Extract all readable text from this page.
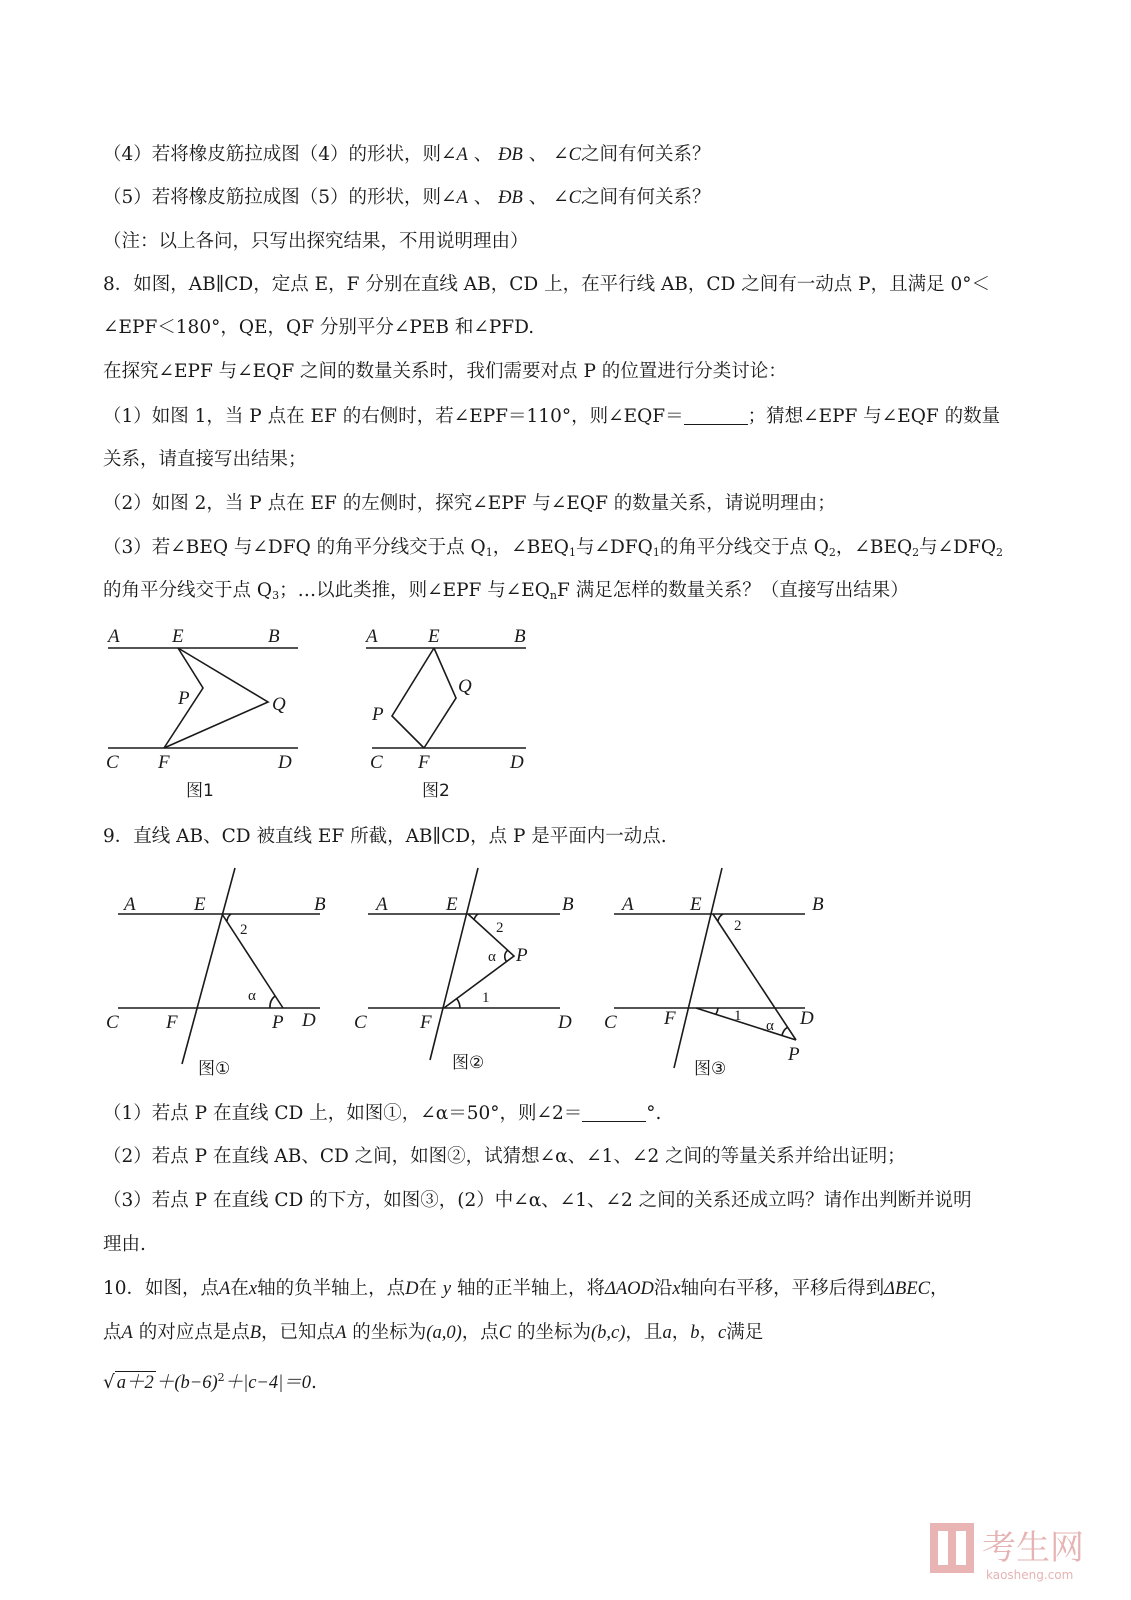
（4）若将橡皮筋拉成图（4）的形状，则∠A 、 ÐB 、 ∠C之间有何关系？
（5）若将橡皮筋拉成图（5）的形状，则∠A 、 ÐB 、 ∠C之间有何关系？
（注：以上各问，只写出探究结果，不用说明理由）
8．如图，AB∥CD，定点 E，F 分别在直线 AB，CD 上，在平行线 AB，CD 之间有一动点 P，且满足 0°＜
∠EPF＜180°，QE，QF 分别平分∠PEB 和∠PFD.
在探究∠EPF 与∠EQF 之间的数量关系时，我们需要对点 P 的位置进行分类讨论：
（1）如图 1，当 P 点在 EF 的右侧时，若∠EPF＝110°，则∠EQF＝	；猜想∠EPF 与∠EQF 的数量
关系，请直接写出结果；
（2）如图 2，当 P 点在 EF 的左侧时，探究∠EPF 与∠EQF 的数量关系，请说明理由；
（3）若∠BEQ 与∠DFQ 的角平分线交于点 $Q_1$，$\angle BEQ_1$与$\angle DFQ_1$的角平分线交于点 $Q_2$，$\angle BEQ_2$与$\angle DFQ_2$
的角平分线交于点 $Q_3$；…以此类推，则∠EPF 与$\angle EQ_nF$ 满足怎样的数量关系？（直接写出结果）
A	E	B
P	Q
C F	D
图1
A	E	B
P
Q
C F	D
图2
9．直线 AB、CD 被直线 EF 所截，AB∥CD，点 P 是平面内一动点.
A	E	B
2
α
C F	P D
图①
A	E	B
2
α P
1
C	F	D
图②
A	E	B
2
1
α D
C F
P
图③
（1）若点 P 在直线 CD 上，如图①，∠α＝50°，则∠2＝	°.
（2）若点 P 在直线 AB、CD 之间，如图②，试猜想∠α、∠1、∠2 之间的等量关系并给出证明；
（3）若点 P 在直线 CD 的下方，如图③，(2）中∠α、∠1、∠2 之间的关系还成立吗？请作出判断并说明
理由.
10．如图，点A在x轴的负半轴上，点D在 y 轴的正半轴上，将ΔAOD沿x轴向右平移，平移后得到ΔBEC，
点A 的对应点是点B，已知点A 的坐标为(a,0)，点C 的坐标为(b,c)，且a，b，c满足
√ $a+2 +(b-6)^2+|c-4|=0$.
考生网
kaosheng.com
